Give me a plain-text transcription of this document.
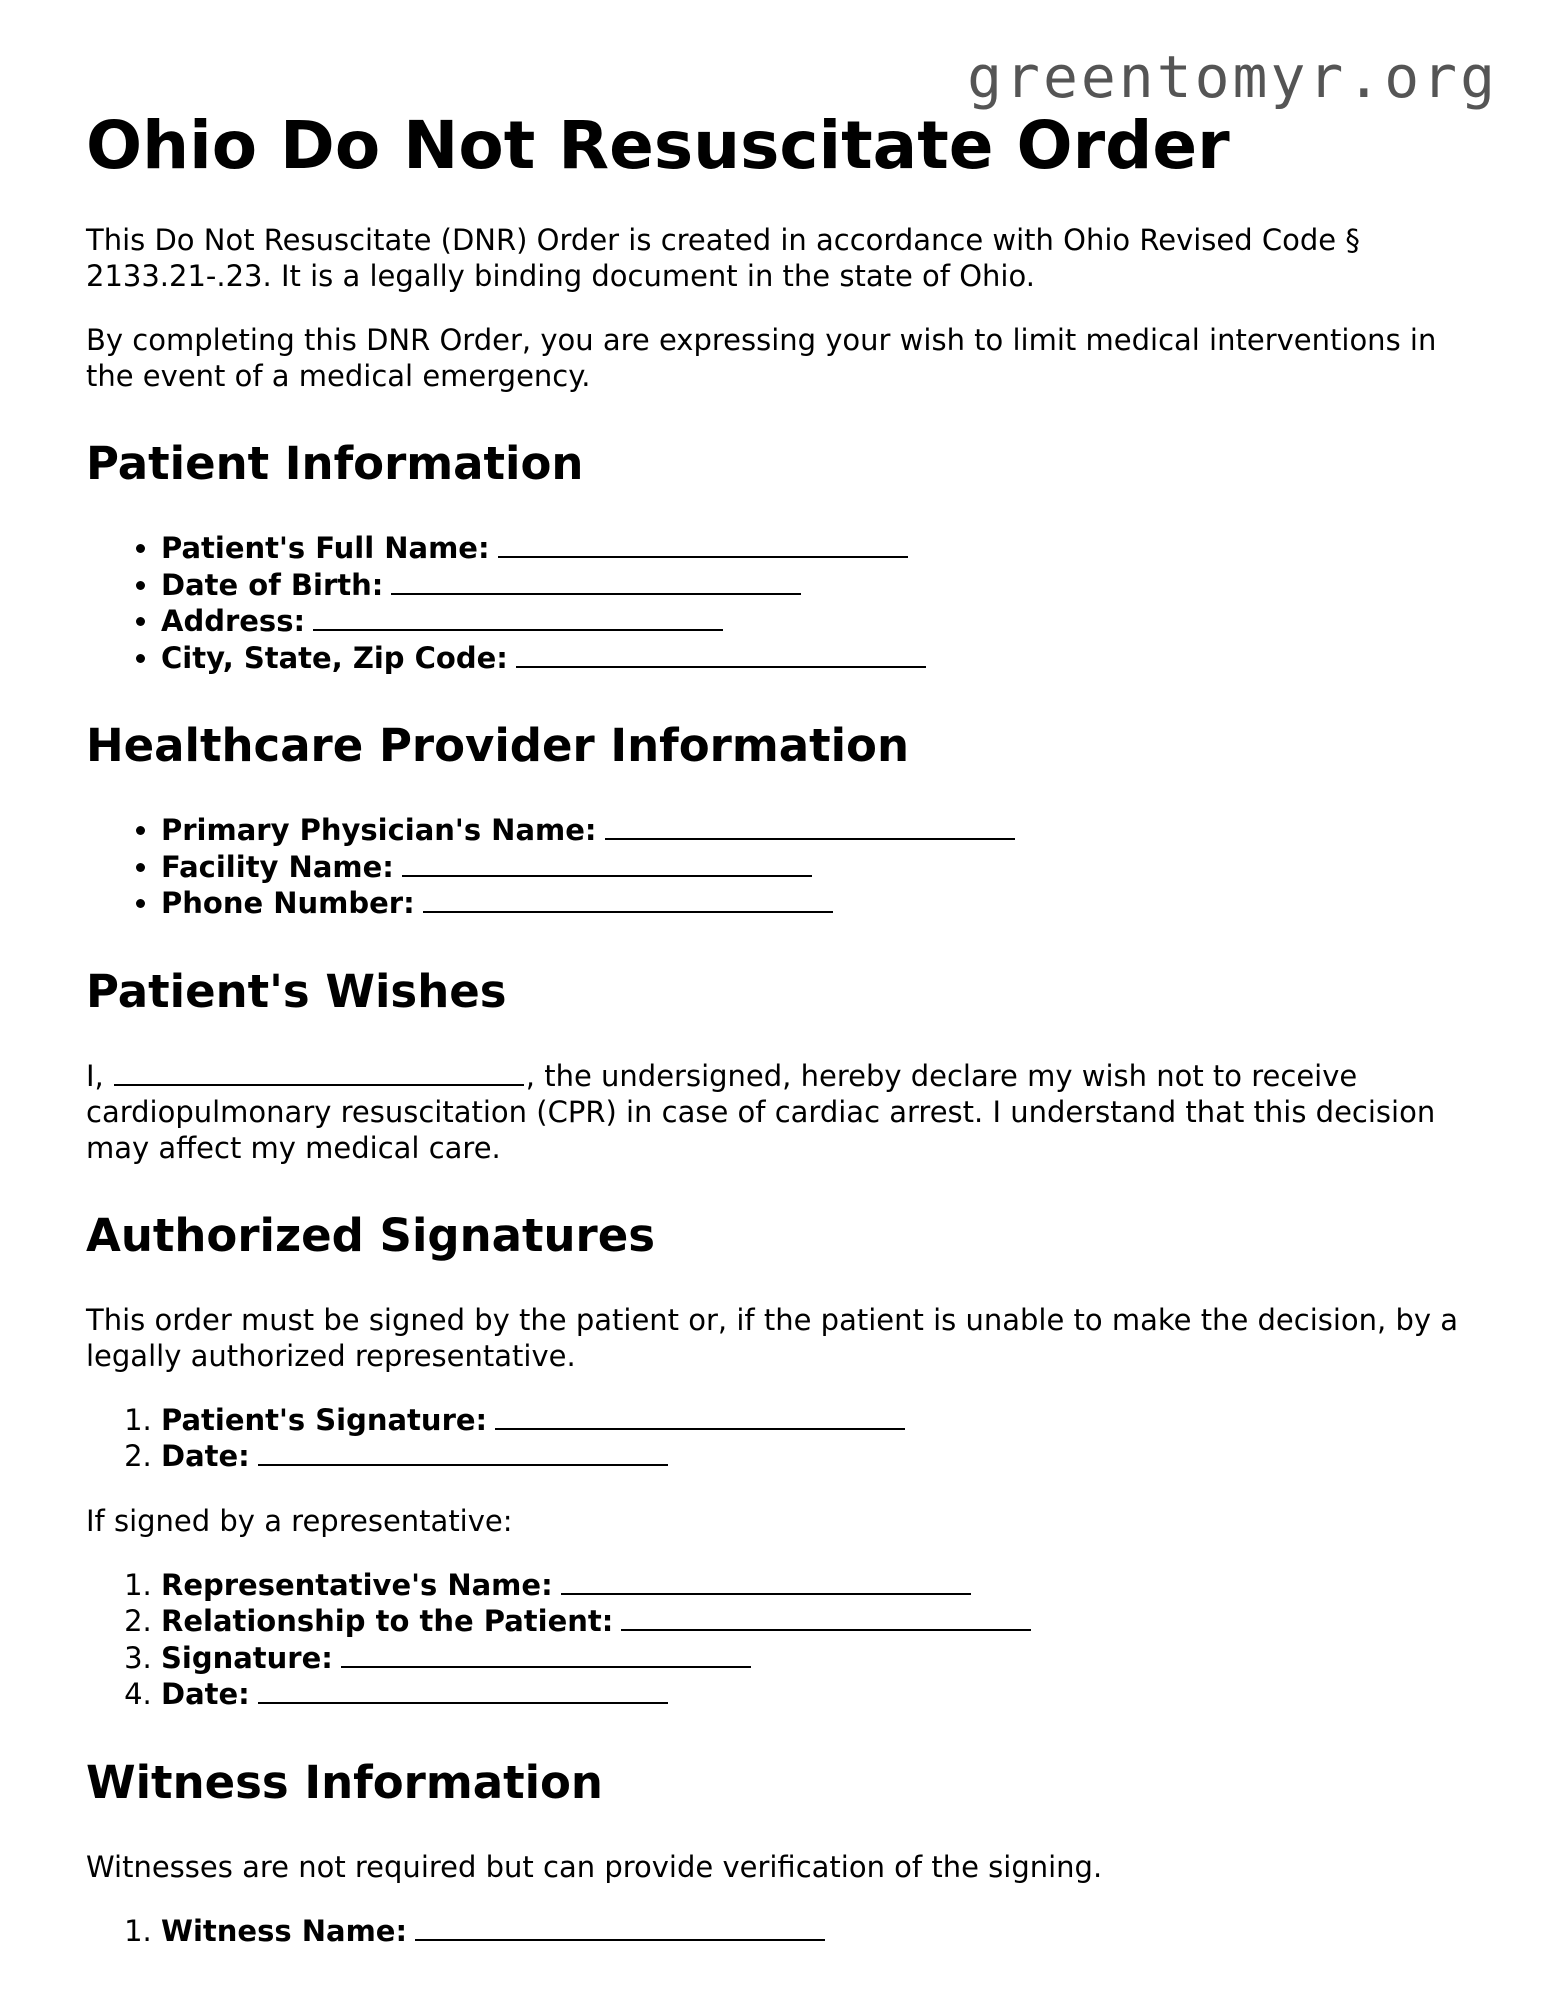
greentomyr.org
Ohio Do Not Resuscitate Order

This Do Not Resuscitate (DNR) Order is created in accordance with Ohio Revised Code § 2133.21-.23. It is a legally binding document in the state of Ohio.

By completing this DNR Order, you are expressing your wish to limit medical interventions in the event of a medical emergency.

Patient Information
• Patient's Full Name:
• Date of Birth:
• Address:
• City, State, Zip Code:
Healthcare Provider Information
• Primary Physician's Name:
• Facility Name:
• Phone Number:
Patient's Wishes

I,	, the undersigned, hereby declare my wish not to receive cardiopulmonary resuscitation (CPR) in case of cardiac arrest. I understand that this decision may affect my medical care.

Authorized Signatures

This order must be signed by the patient or, if the patient is unable to make the decision, by a legally authorized representative.

1. Patient's Signature:
2. Date:

If signed by a representative:

1. Representative's Name:
2. Relationship to the Patient:
3. Signature:
4. Date:
Witness Information

Witnesses are not required but can provide verification of the signing.

1. Witness Name:
